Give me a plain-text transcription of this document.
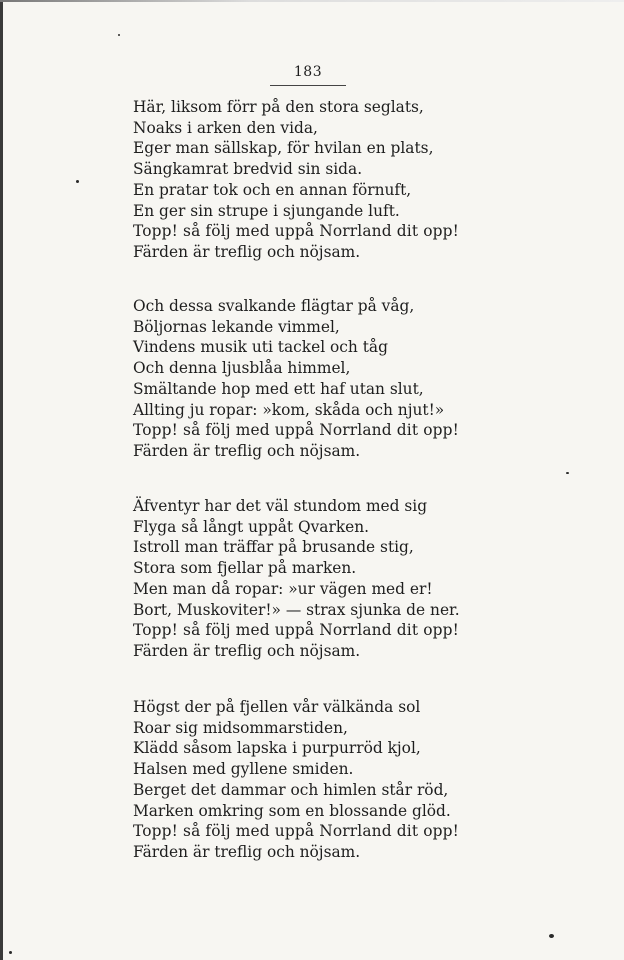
183
Här, liksom förr på den stora seglats,
Noaks i arken den vida,
Eger man sällskap, för hvilan en plats,
Sängkamrat bredvid sin sida.
En pratar tok och en annan förnuft,
En ger sin strupe i sjungande luft.
Topp! så följ med uppå Norrland dit opp!
Färden är treflig och nöjsam.
Och dessa svalkande flägtar på våg,
Böljornas lekande vimmel,
Vindens musik uti tackel och tåg
Och denna ljusblåa himmel,
Smältande hop med ett haf utan slut,
Allting ju ropar: »kom, skåda och njut!»
Topp! så följ med uppå Norrland dit opp!
Färden är treflig och nöjsam.
Äfventyr har det väl stundom med sig
Flyga så långt uppåt Qvarken.
Istroll man träffar på brusande stig,
Stora som fjellar på marken.
Men man då ropar: »ur vägen med er!
Bort, Muskoviter!» — strax sjunka de ner.
Topp! så följ med uppå Norrland dit opp!
Färden är treflig och nöjsam.
Högst der på fjellen vår välkända sol
Roar sig midsommarstiden,
Klädd såsom lapska i purpurröd kjol,
Halsen med gyllene smiden.
Berget det dammar och himlen står röd,
Marken omkring som en blossande glöd.
Topp! så följ med uppå Norrland dit opp!
Färden är treflig och nöjsam.
